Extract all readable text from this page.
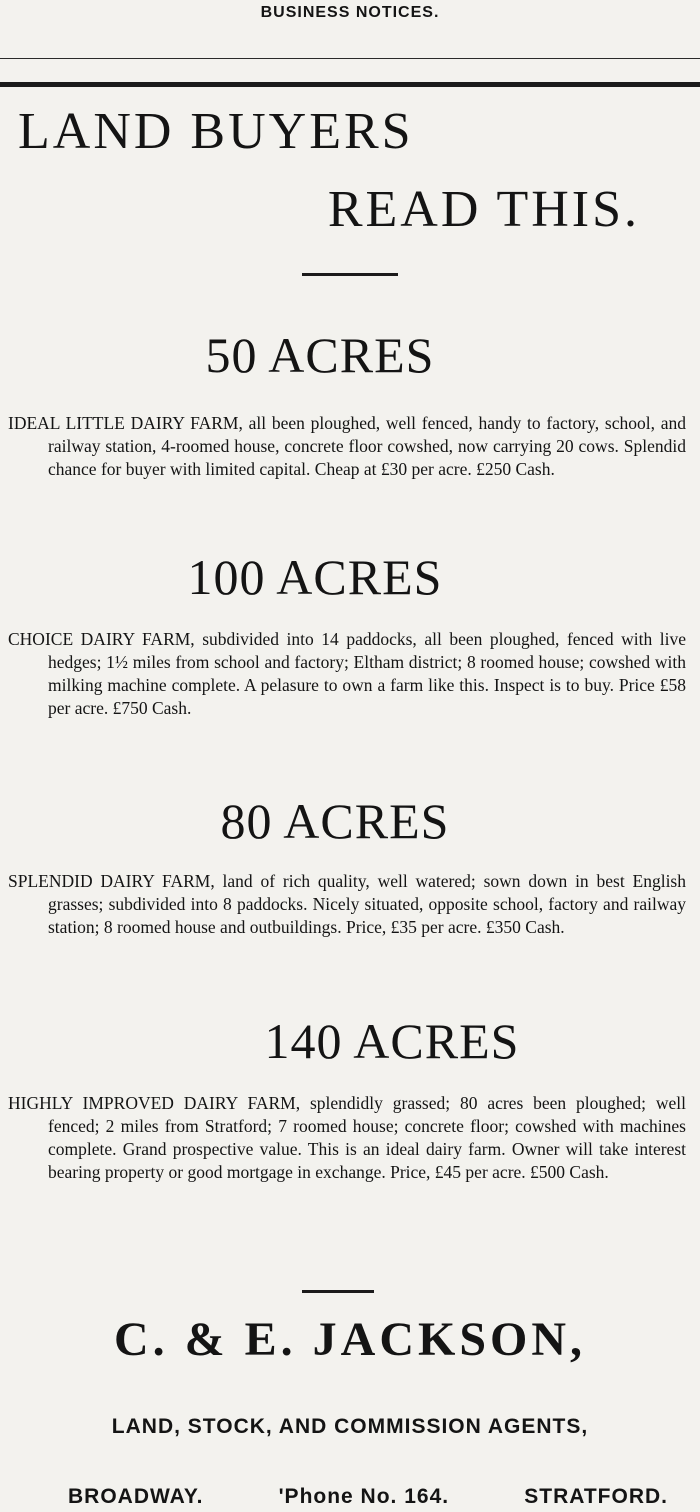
BUSINESS NOTICES.
LAND BUYERS
READ THIS.
50 ACRES
IDEAL LITTLE DAIRY FARM, all been ploughed, well fenced, handy to factory, school, and railway station, 4-roomed house, concrete floor cowshed, now carrying 20 cows. Splendid chance for buyer with limited capital. Cheap at £30 per acre. £250 Cash.
100 ACRES
CHOICE DAIRY FARM, subdivided into 14 paddocks, all been ploughed, fenced with live hedges; 1½ miles from school and factory; Eltham district; 8 roomed house; cowshed with milking machine complete. A pelasure to own a farm like this. Inspect is to buy. Price £58 per acre. £750 Cash.
80 ACRES
SPLENDID DAIRY FARM, land of rich quality, well watered; sown down in best English grasses; subdivided into 8 paddocks. Nicely situated, opposite school, factory and railway station; 8 roomed house and outbuildings. Price, £35 per acre. £350 Cash.
140 ACRES
HIGHLY IMPROVED DAIRY FARM, splendidly grassed; 80 acres been ploughed; well fenced; 2 miles from Stratford; 7 roomed house; concrete floor; cowshed with machines complete. Grand prospective value. This is an ideal dairy farm. Owner will take interest bearing property or good mortgage in exchange. Price, £45 per acre. £500 Cash.
C. & E. JACKSON,
LAND, STOCK, AND COMMISSION AGENTS,
BROADWAY.	'Phone No. 164.	STRATFORD.
